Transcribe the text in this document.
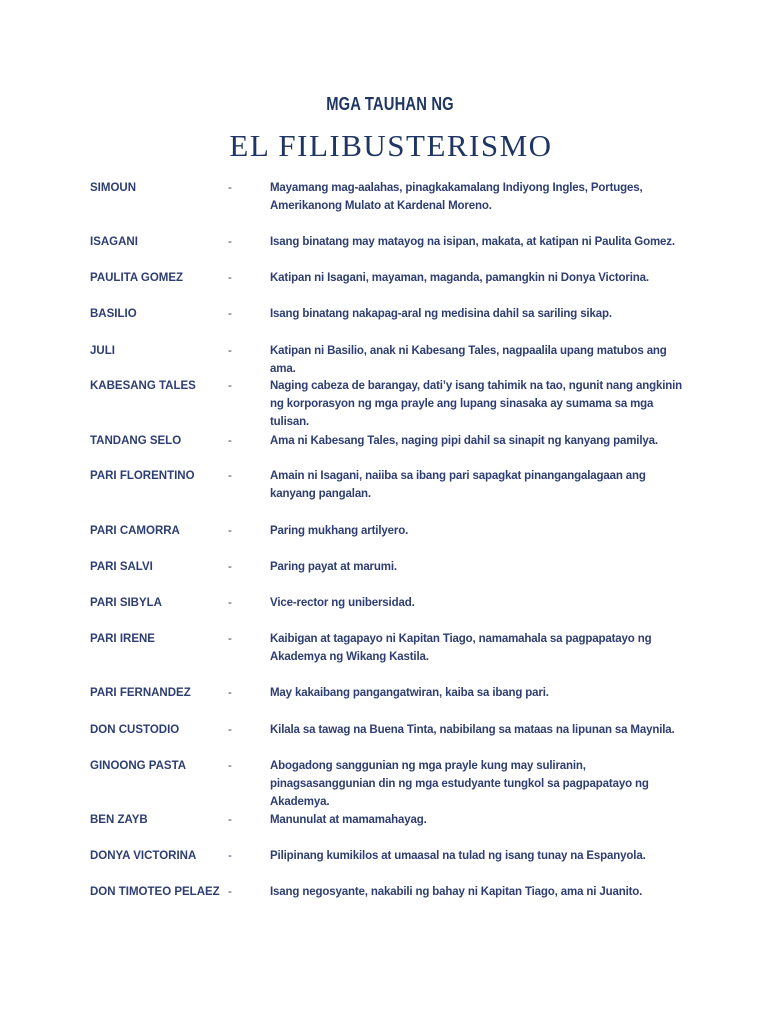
MGA TAUHAN NG
EL FILIBUSTERISMO
SIMOUN	-	Mayamang mag-aalahas, pinagkakamalang Indiyong Ingles, Portuges, Amerikanong Mulato at Kardenal Moreno.
ISAGANI	-	Isang binatang may matayog na isipan, makata, at katipan ni Paulita Gomez.
PAULITA GOMEZ	-	Katipan ni Isagani, mayaman, maganda, pamangkin ni Donya Victorina.
BASILIO	-	Isang binatang nakapag-aral ng medisina dahil sa sariling sikap.
JULI	-	Katipan ni Basilio, anak ni Kabesang Tales, nagpaalila upang matubos ang ama.
KABESANG TALES	-	Naging cabeza de barangay, dati’y isang tahimik na tao, ngunit nang angkinin ng korporasyon ng mga prayle ang lupang sinasaka ay sumama sa mga tulisan.
TANDANG SELO	-	Ama ni Kabesang Tales, naging pipi dahil sa sinapit ng kanyang pamilya.
PARI FLORENTINO	-	Amain ni Isagani, naiiba sa ibang pari sapagkat pinangangalagaan ang kanyang pangalan.
PARI CAMORRA	-	Paring mukhang artilyero.
PARI SALVI	-	Paring payat at marumi.
PARI SIBYLA	-	Vice-rector ng unibersidad.
PARI IRENE	-	Kaibigan at tagapayo ni Kapitan Tiago, namamahala sa pagpapatayo ng Akademya ng Wikang Kastila.
PARI FERNANDEZ	-	May kakaibang pangangatwiran, kaiba sa ibang pari.
DON CUSTODIO	-	Kilala sa tawag na Buena Tinta, nabibilang sa mataas na lipunan sa Maynila.
GINOONG PASTA	-	Abogadong sanggunian ng mga prayle kung may suliranin, pinagsasanggunian din ng mga estudyante tungkol sa pagpapatayo ng Akademya.
BEN ZAYB	-	Manunulat at mamamahayag.
DONYA VICTORINA	-	Pilipinang kumikilos at umaasal na tulad ng isang tunay na Espanyola.
DON TIMOTEO PELAEZ -	Isang negosyante, nakabili ng bahay ni Kapitan Tiago, ama ni Juanito.
